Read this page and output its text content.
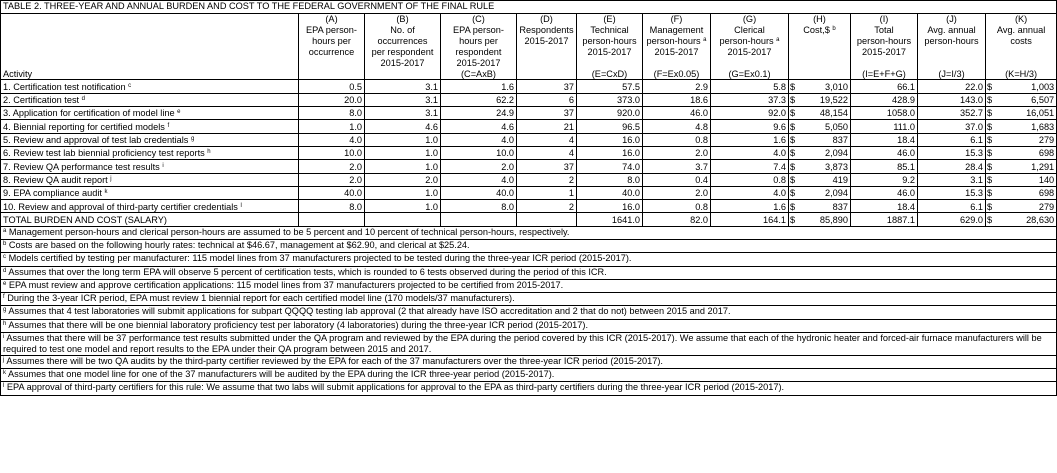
TABLE 2. THREE-YEAR AND ANNUAL BURDEN AND COST TO THE FEDERAL GOVERNMENT OF THE FINAL RULE													
	(A)	(B)	(C)	(D)	(E)	(F)	(G)	(H)		(I)	(J)	(K)	
	EPA person-	No. of	EPA person-	Respondents	Technical	Management	Clerical	Cost,$ $^b$		Total	Avg. annual	Avg. annual	
	hours per	occurrences	hours per	2015-2017	person-hours	person-hours $^a$	person-hours $^a$			person-hours	person-hours	costs	
	occurrence	per respondent	respondent		2015-2017	2015-2017	2015-2017			2015-2017			
		2015-2017	2015-2017										
Activity			(C=AxB)		(E=CxD)	(F=Ex0.05)	(G=Ex0.1)			(I=E+F+G)	(J=I/3)	(K=H/3)	
1. Certification test notification $^c$	0.5	3.1	1.6	37	57.5	2.9	5.8	$	3,010	66.1	22.0	$	1,003
2. Certification test $^d$	20.0	3.1	62.2	6	373.0	18.6	37.3	$	19,522	428.9	143.0	$	6,507
3. Application for certification of model line $^e$	8.0	3.1	24.9	37	920.0	46.0	92.0	$	48,154	1058.0	352.7	$	16,051
4. Biennial reporting for certified models $^f$	1.0	4.6	4.6	21	96.5	4.8	9.6	$	5,050	111.0	37.0	$	1,683
5. Review and approval of test lab credentials $^g$	4.0	1.0	4.0	4	16.0	0.8	1.6	$	837	18.4	6.1	$	279
6. Review test lab biennial proficiency test reports $^h$	10.0	1.0	10.0	4	16.0	2.0	4.0	$	2,094	46.0	15.3	$	698
7. Review QA performance test results $^i$	2.0	1.0	2.0	37	74.0	3.7	7.4	$	3,873	85.1	28.4	$	1,291
8. Review QA audit report $^j$	2.0	2.0	4.0	2	8.0	0.4	0.8	$	419	9.2	3.1	$	140
9. EPA compliance audit $^k$	40.0	1.0	40.0	1	40.0	2.0	4.0	$	2,094	46.0	15.3	$	698
10. Review and approval of third-party certifier credentials $^l$	8.0	1.0	8.0	2	16.0	0.8	1.6	$	837	18.4	6.1	$	279
TOTAL BURDEN AND COST (SALARY)					1641.0	82.0	164.1	$	85,890	1887.1	629.0	$	28,630
$^a$ Management person-hours and clerical person-hours are assumed to be 5 percent and 10 percent of technical person-hours, respectively.													
$^b$ Costs are based on the following hourly rates: technical at $46.67, management at $62.90, and clerical at $25.24.													
$^c$ Models certified by testing per manufacturer: 115 model lines from 37 manufacturers projected to be tested during the three-year ICR period (2015-2017).													
$^d$ Assumes that over the long term EPA will observe 5 percent of certification tests, which is rounded to 6 tests observed during the period of this ICR.													
$^e$ EPA must review and approve certification applications: 115 model lines from 37 manufacturers projected to be certified from 2015-2017.													
$^f$ During the 3-year ICR period, EPA must review 1 biennial report for each certified model line (170 models/37 manufacturers).													
$^g$ Assumes that 4 test laboratories will submit applications for subpart QQQQ testing lab approval (2 that already have ISO accreditation and 2 that do not) between 2015 and 2017.													
$^h$ Assumes that there will be one biennial laboratory proficiency test per laboratory (4 laboratories) during the three-year ICR period (2015-2017).													
$^i$ Assumes that there will be 37 performance test results submitted under the QA program and reviewed by the EPA during the period covered by this ICR (2015-2017). We assume that each of the hydronic heater and forced-air furnace manufacturers will be required to test one model and report results to the EPA under their QA program between 2015 and 2017.													
$^j$ Assumes there will be two QA audits by the third-party certifier reviewed by the EPA for each of the 37 manufacturers over the three-year ICR period (2015-2017).													
$^k$ Assumes that one model line for one of the 37 manufacturers will be audited by the EPA during the ICR three-year period (2015-2017).													
$^l$ EPA approval of third-party certifiers for this rule: We assume that two labs will submit applications for approval to the EPA as third-party certifiers during the three-year ICR period (2015-2017).													
